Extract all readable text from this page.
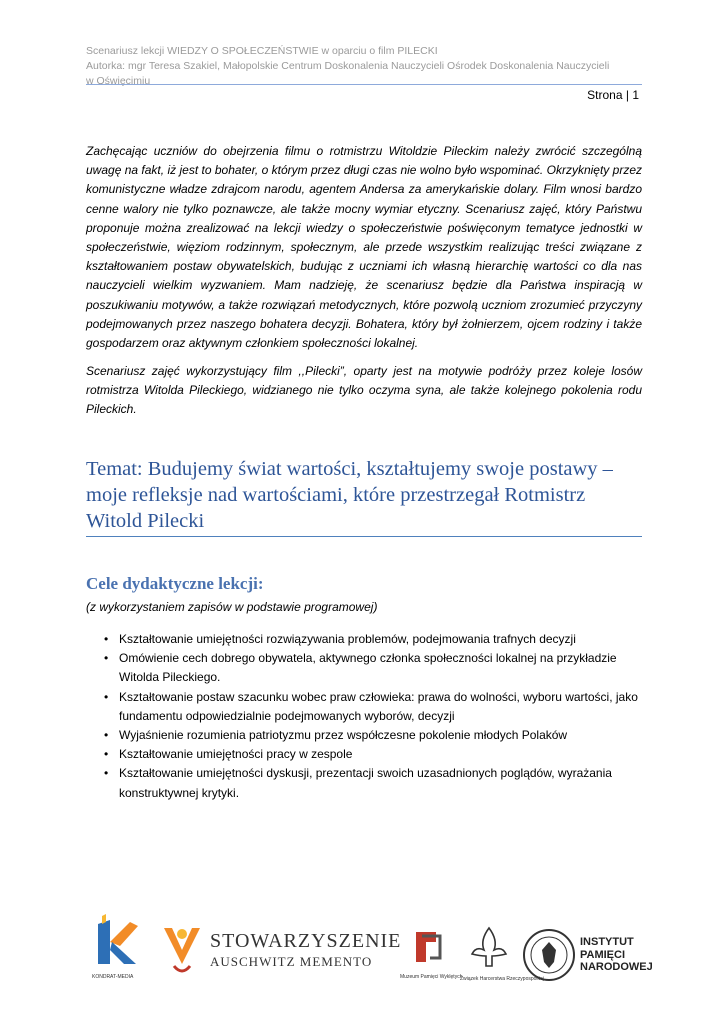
Scenariusz lekcji WIEDZY O SPOŁECZEŃSTWIE w oparciu o film PILECKI
Autorka: mgr Teresa Szakiel, Małopolskie Centrum Doskonalenia Nauczycieli Ośrodek Doskonalenia Nauczycieli
w Oświęcimiu
Strona | 1

Zachęcając uczniów do obejrzenia filmu o rotmistrzu Witoldzie Pileckim należy zwrócić szczególną uwagę na fakt, iż jest to bohater, o którym przez długi czas nie wolno było wspominać. Okrzyknięty przez komunistyczne władze zdrajcom narodu, agentem Andersa za amerykańskie dolary. Film wnosi bardzo cenne walory nie tylko poznawcze, ale także mocny wymiar etyczny. Scenariusz zajęć, który Państwu proponuje można zrealizować na lekcji wiedzy o społeczeństwie poświęconym tematyce jednostki w społeczeństwie, więziom rodzinnym, społecznym, ale przede wszystkim realizując treści związane z kształtowaniem postaw obywatelskich, budując z uczniami ich własną hierarchię wartości co dla nas nauczycieli wielkim wyzwaniem. Mam nadzieję, że scenariusz będzie dla Państwa inspiracją w poszukiwaniu motywów, a także rozwiązań metodycznych, które pozwolą uczniom zrozumieć przyczyny podejmowanych przez naszego bohatera decyzji. Bohatera, który był żołnierzem, ojcem rodziny i także gospodarzem oraz aktywnym członkiem społeczności lokalnej.

Scenariusz zajęć wykorzystujący film ,,Pilecki”, oparty jest na motywie podróży przez koleje losów rotmistrza Witolda Pileckiego, widzianego nie tylko oczyma syna, ale także kolejnego pokolenia rodu Pileckich.

Temat: Budujemy świat wartości, kształtujemy swoje postawy – moje refleksje nad wartościami, które przestrzegał Rotmistrz Witold Pilecki
Cele dydaktyczne lekcji:

(z wykorzystaniem zapisów w podstawie programowej)

• Kształtowanie umiejętności rozwiązywania problemów, podejmowania trafnych decyzji
• Omówienie cech dobrego obywatela, aktywnego członka społeczności lokalnej na przykładzie Witolda Pileckiego.
• Kształtowanie postaw szacunku wobec praw człowieka: prawa do wolności, wyboru wartości, jako fundamentu odpowiedzialnie podejmowanych wyborów, decyzji
• Wyjaśnienie rozumienia patriotyzmu przez współczesne pokolenie młodych Polaków
• Kształtowanie umiejętności pracy w zespole
• Kształtowanie umiejętności dyskusji, prezentacji swoich uzasadnionych poglądów, wyrażania konstruktywnej krytyki.
KONDRAT-MEDIA
STOWARZYSZENIE
AUSCHWITZ MEMENTO
Muzeum Pamięci Wyklętych
Związek Harcerstwa Rzeczypospolitej
INSTYTUT
PAMIĘCI
NARODOWEJ
